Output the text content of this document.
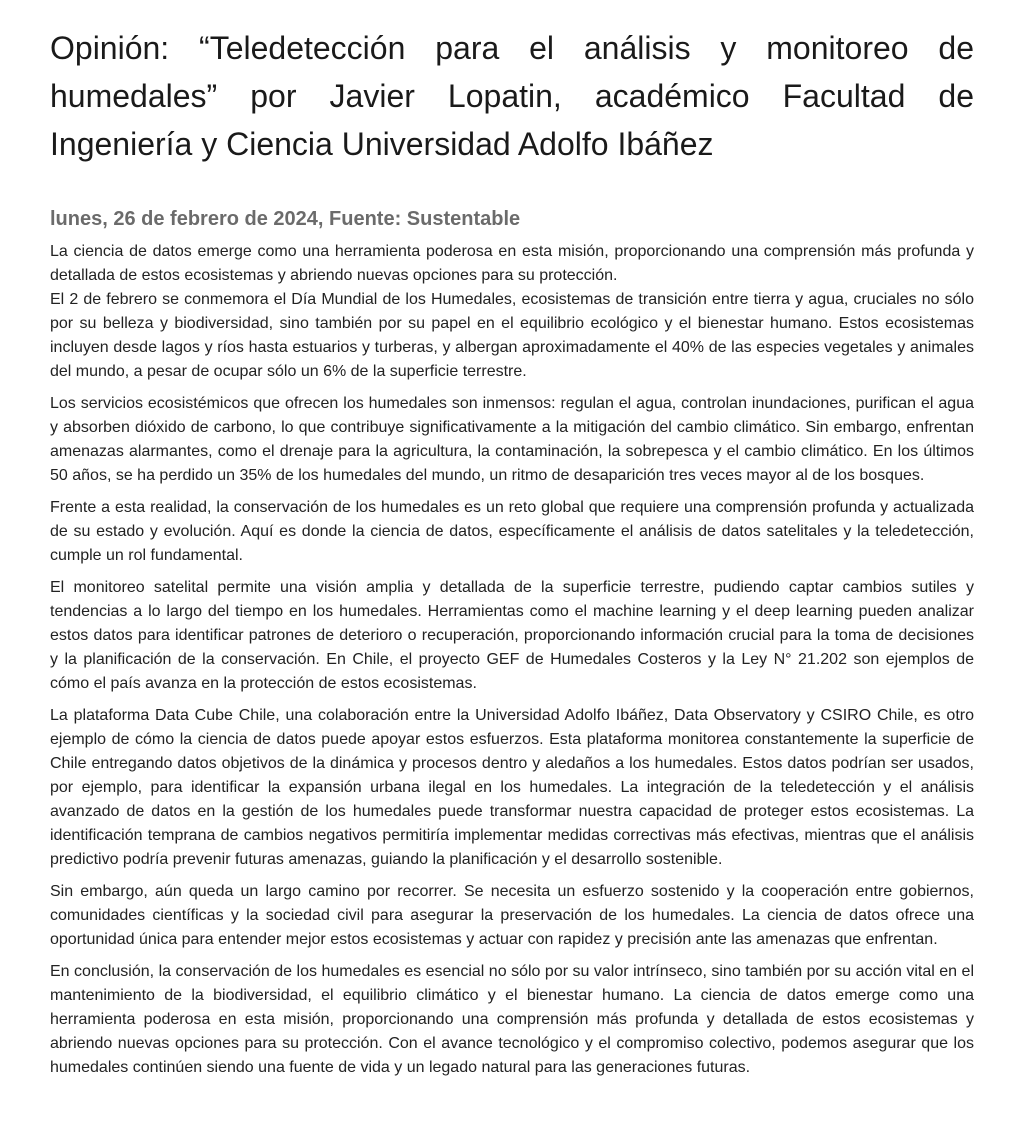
Opinión: “Teledetección para el análisis y monitoreo de humedales” por Javier Lopatin, académico Facultad de Ingeniería y Ciencia Universidad Adolfo Ibáñez
lunes, 26 de febrero de 2024, Fuente: Sustentable

La ciencia de datos emerge como una herramienta poderosa en esta misión, proporcionando una comprensión más profunda y detallada de estos ecosistemas y abriendo nuevas opciones para su protección.

El 2 de febrero se conmemora el Día Mundial de los Humedales, ecosistemas de transición entre tierra y agua, cruciales no sólo por su belleza y biodiversidad, sino también por su papel en el equilibrio ecológico y el bienestar humano. Estos ecosistemas incluyen desde lagos y ríos hasta estuarios y turberas, y albergan aproximadamente el 40% de las especies vegetales y animales del mundo, a pesar de ocupar sólo un 6% de la superficie terrestre.

Los servicios ecosistémicos que ofrecen los humedales son inmensos: regulan el agua, controlan inundaciones, purifican el agua y absorben dióxido de carbono, lo que contribuye significativamente a la mitigación del cambio climático. Sin embargo, enfrentan amenazas alarmantes, como el drenaje para la agricultura, la contaminación, la sobrepesca y el cambio climático. En los últimos 50 años, se ha perdido un 35% de los humedales del mundo, un ritmo de desaparición tres veces mayor al de los bosques.

Frente a esta realidad, la conservación de los humedales es un reto global que requiere una comprensión profunda y actualizada de su estado y evolución. Aquí es donde la ciencia de datos, específicamente el análisis de datos satelitales y la teledetección, cumple un rol fundamental.

El monitoreo satelital permite una visión amplia y detallada de la superficie terrestre, pudiendo captar cambios sutiles y tendencias a lo largo del tiempo en los humedales. Herramientas como el machine learning y el deep learning pueden analizar estos datos para identificar patrones de deterioro o recuperación, proporcionando información crucial para la toma de decisiones y la planificación de la conservación. En Chile, el proyecto GEF de Humedales Costeros y la Ley N° 21.202 son ejemplos de cómo el país avanza en la protección de estos ecosistemas.

La plataforma Data Cube Chile, una colaboración entre la Universidad Adolfo Ibáñez, Data Observatory y CSIRO Chile, es otro ejemplo de cómo la ciencia de datos puede apoyar estos esfuerzos. Esta plataforma monitorea constantemente la superficie de Chile entregando datos objetivos de la dinámica y procesos dentro y aledaños a los humedales. Estos datos podrían ser usados, por ejemplo, para identificar la expansión urbana ilegal en los humedales. La integración de la teledetección y el análisis avanzado de datos en la gestión de los humedales puede transformar nuestra capacidad de proteger estos ecosistemas. La identificación temprana de cambios negativos permitiría implementar medidas correctivas más efectivas, mientras que el análisis predictivo podría prevenir futuras amenazas, guiando la planificación y el desarrollo sostenible.

Sin embargo, aún queda un largo camino por recorrer. Se necesita un esfuerzo sostenido y la cooperación entre gobiernos, comunidades científicas y la sociedad civil para asegurar la preservación de los humedales. La ciencia de datos ofrece una oportunidad única para entender mejor estos ecosistemas y actuar con rapidez y precisión ante las amenazas que enfrentan.

En conclusión, la conservación de los humedales es esencial no sólo por su valor intrínseco, sino también por su acción vital en el mantenimiento de la biodiversidad, el equilibrio climático y el bienestar humano. La ciencia de datos emerge como una herramienta poderosa en esta misión, proporcionando una comprensión más profunda y detallada de estos ecosistemas y abriendo nuevas opciones para su protección. Con el avance tecnológico y el compromiso colectivo, podemos asegurar que los humedales continúen siendo una fuente de vida y un legado natural para las generaciones futuras.
